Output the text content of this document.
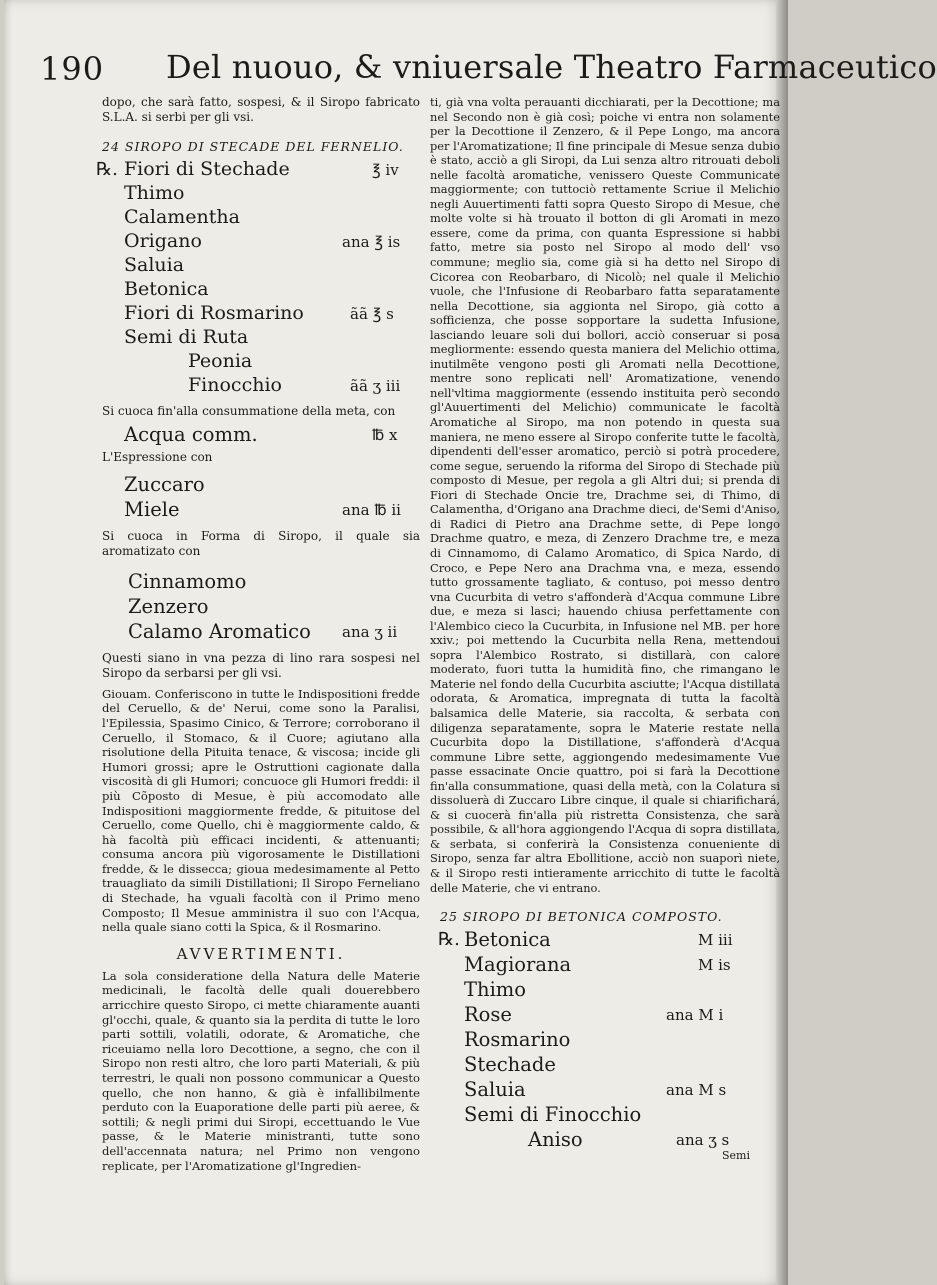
190 Del nuouo, & vniuersale Theatro Farmaceutico

dopo, che sarà fatto, sospesi, & il Siropo fabricato S.L.A. si serbi per gli vsi.

24 SIROPO DI STECADE DEL FERNELIO.
℞. Fiori di Stechade	℥ iv
Thimo
Calamentha
Origano	ana ℥ is
Saluia
Betonica
Fiori di Rosmarino	ãã ℥ s
Semi di Ruta
Peonia
Finocchio	ãã ʒ iii

Si cuoca fin'alla consummatione della meta, con

Acqua comm.	℔ x

L'Espressione con

Zuccaro
Miele	ana ℔ ii

Si cuoca in Forma di Siropo, il quale sia aromatizato con

Cinnamomo
Zenzero
Calamo Aromatico ana ʒ ii

Questi siano in vna pezza di lino rara sospesi nel Siropo da serbarsi per gli vsi.

Giouam. Conferiscono in tutte le Indispositioni fredde del Ceruello, & de' Nerui, come sono la Paralisi, l'Epilessia, Spasimo Cinico, & Terrore; corroborano il Ceruello, il Stomaco, & il Cuore; agiutano alla risolutione della Pituita tenace, & viscosa; incide gli Humori grossi; apre le Ostruttioni cagionate dalla viscosità di gli Humori; concuoce gli Humori freddi: il più Cõposto di Mesue, è più accomodato alle Indispositioni maggiormente fredde, & pituitose del Ceruello, come Quello, chi è maggiormente caldo, & hà facoltà più efficaci incidenti, & attenuanti; consuma ancora più vigorosamente le Distillationi fredde, & le disseccа; gioua medesimamente al Petto trauagliato da simili Distillationi; Il Siropo Ferneliano di Stechade, ha vguali facoltà con il Primo meno Composto; Il Mesue amministra il suo con l'Acqua, nella quale siano cotti la Spica, & il Rosmarino.

AVVERTIMENTI.

La sola consideratione della Natura delle Materie medicinali, le facoltà delle quali douerebbero arricchire questo Siropo, ci mette chiaramente auanti gl'occhi, quale, & quanto sia la perdita di tutte le loro parti sottili, volatili, odorate, & Aromatiche, che riceuiamo nella loro Decottione, a segno, che con il Siropo non resti altro, che loro parti Materiali, & più terrestri, le quali non possono communicar a Questo quello, che non hanno, & già è infallibilmente perduto con la Euaporatione delle parti più aeree, & sottili; & negli primi dui Siropi, eccettuando le Vue passe, & le Materie ministranti, tutte sono dell'accennata natura; nel Primo non vengono replicate, per l'Aromatizatione gl'Ingredien-

ti, già vna volta perauanti dicchiarati, per la Decottione; ma nel Secondo non è già così; poiche vi entra non solamente per la Decottione il Zenzero, & il Pepe Longo, ma ancora per l'Aromatizatione; Il fine principale di Mesue senza dubio è stato, acciò a gli Siropi, da Lui senza altro ritrouati deboli nelle facoltà aromatiche, venissero Queste Communicate maggiormente; con tuttociò rettamente Scriue il Melichio negli Auuertimenti fatti sopra Questo Siropo di Mesue, che molte volte si hà trouato il botton di gli Aromati in mezo essere, come da prima, con quanta Espressione si habbi fatto, metre sia posto nel Siropo al modo dell' vso commune; meglio sia, come già si ha detto nel Siropo di Cicorea con Reobarbaro, di Nicolò; nel quale il Melichio vuole, che l'Infusione di Reobarbaro fatta separatamente nella Decottione, sia aggionta nel Siropo, già cotto a sofficienza, che posse sopportare la sudetta Infusione, lasciando leuare soli dui bollori, acciò conseruar si posa megliormente: essendo questa maniera del Melichio ottima, inutilmẽte vengono posti gli Aromati nella Decottione, mentre sono replicati nell' Aromatizatione, venendo nell'vltima maggiormente (essendo instituita però secondo gl'Auuertimenti del Melichio) communicate le facoltà Aromatiche al Siropo, ma non potendo in questa sua maniera, ne meno essere al Siropo conferite tutte le facoltà, dipendenti dell'esser aromatico, perciò si potrà procedere, come segue, seruendo la riforma del Siropo di Stechade più composto di Mesue, per regola a gli Altri dui; si prenda di Fiori di Stechade Oncie tre, Drachme sei, di Thimo, di Calamentha, d'Origano ana Drachme dieci, de'Semi d'Aniso, di Radici di Pietro ana Drachme sette, di Pepe longo Drachme quatro, e meza, di Zenzero Drachme tre, e meza di Cinnamomo, di Calamo Aromatico, di Spica Nardo, di Croco, e Pepe Nero ana Drachma vna, e meza, essendo tutto grossamente tagliato, & contuso, poi messo dentro vna Cucurbita di vetro s'affonderà d'Acqua commune Libre due, e meza si lasci; hauendo chiusa perfettamente con l'Alembico cieco la Cucurbita, in Infusione nel MB. per hore xxiv.; poi mettendo la Cucurbita nella Rena, mettendoui sopra l'Alembico Rostrato, si distillarà, con calore moderato, fuori tutta la humidità fino, che rimangano le Materie nel fondo della Cucurbita asciutte; l'Acqua distillata odorata, & Aromatica, impregnata di tutta la facoltà balsamica delle Materie, sia raccolta, & serbata con diligenza separatamente, sopra le Materie restate nella Cucurbita dopo la Distillatione, s'affonderà d'Acqua commune Libre sette, aggiongendo medesimamente Vue passe essacinate Oncie quattro, poi si farà la Decottione fin'alla consummatione, quasi della metà, con la Colatura si dissoluerà di Zuccaro Libre cinque, il quale si chiarifichará, & si cuocerà fin'alla più ristretta Consistenza, che sarà possibile, & all'hora aggiongendo l'Acqua di sopra distillata, & serbata, si conferirà la Consistenza conueniente di Siropo, senza far altra Ebollitione, acciò non suaporì niete, & il Siropo resti intieramente arricchito di tutte le facoltà delle Materie, che vi entrano.

25 SIROPO DI BETONICA COMPOSTO.
℞. Betonica	M iii
Magiorana	M is
Thimo
Rose	ana M i
Rosmarino
Stechade
Saluia	ana M s
Semi di Finocchio
Aniso	ana ʒ s
Semi
